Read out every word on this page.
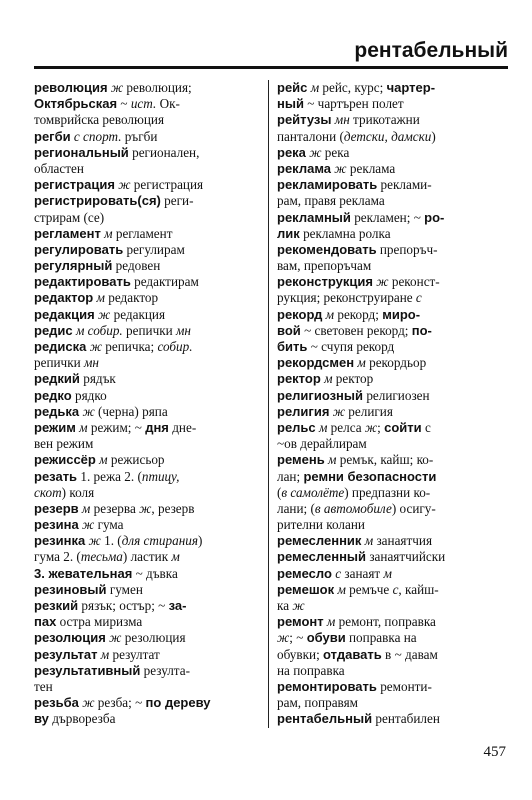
рентабельный
революция ж революция;
Октябрьская ~ ист. Ок-
томврийска революция
регби с спорт. ръгби
региональный регионален,
областен
регистрация ж регистрация
регистрировать(ся) реги-
стрирам (се)
регламент м регламент
регулировать регулирам
регулярный редовен
редактировать редактирам
редактор м редактор
редакция ж редакция
редис м собир. репички мн
редиска ж репичка; собир.
репички мн
редкий рядък
редко рядко
редька ж (черна) ряпа
режим м режим; ~ дня дне-
вен режим
режиссёр м режисьор
резать 1. режа 2. (птицу,
скот) коля
резерв м резерва ж, резерв
резина ж гума
резинка ж 1. (для стирания)
гума 2. (тесьма) ластик м
3. жевательная ~ дъвка
резиновый гумен
резкий рязък; остър; ~ за-
пах остра миризма
резолюция ж резолюция
результат м резултат
результативный резулта-
тен
резьба ж резба; ~ по дереву
ву дърворезба
рейс м рейс, курс; чартер-
ный ~ чартърен полет
рейтузы мн трикотажни
панталони (детски, дамски)
река ж река
реклама ж реклама
рекламировать реклами-
рам, правя реклама
рекламный рекламен; ~ ро-
лик рекламна ролка
рекомендовать препоръч-
вам, препоръчам
реконструкция ж реконст-
рукция; реконструиране с
рекорд м рекорд; миро-
вой ~ световен рекорд; по-
бить ~ счупя рекорд
рекордсмен м рекордьор
ректор м ректор
религиозный религиозен
религия ж религия
рельс м релса ж; сойти с
~ов дерайлирам
ремень м ремък, кайш; ко-
лан; ремни безопасности
(в самолёте) предпазни ко-
лани; (в автомобиле) осигу-
рителни колани
ремесленник м занаятчия
ремесленный занаятчийски
ремесло с занаят м
ремешок м ремъче с, кайш-
ка ж
ремонт м ремонт, поправка
ж; ~ обуви поправка на
обувки; отдавать в ~ давам
на поправка
ремонтировать ремонти-
рам, поправям
рентабельный рентабилен
457
